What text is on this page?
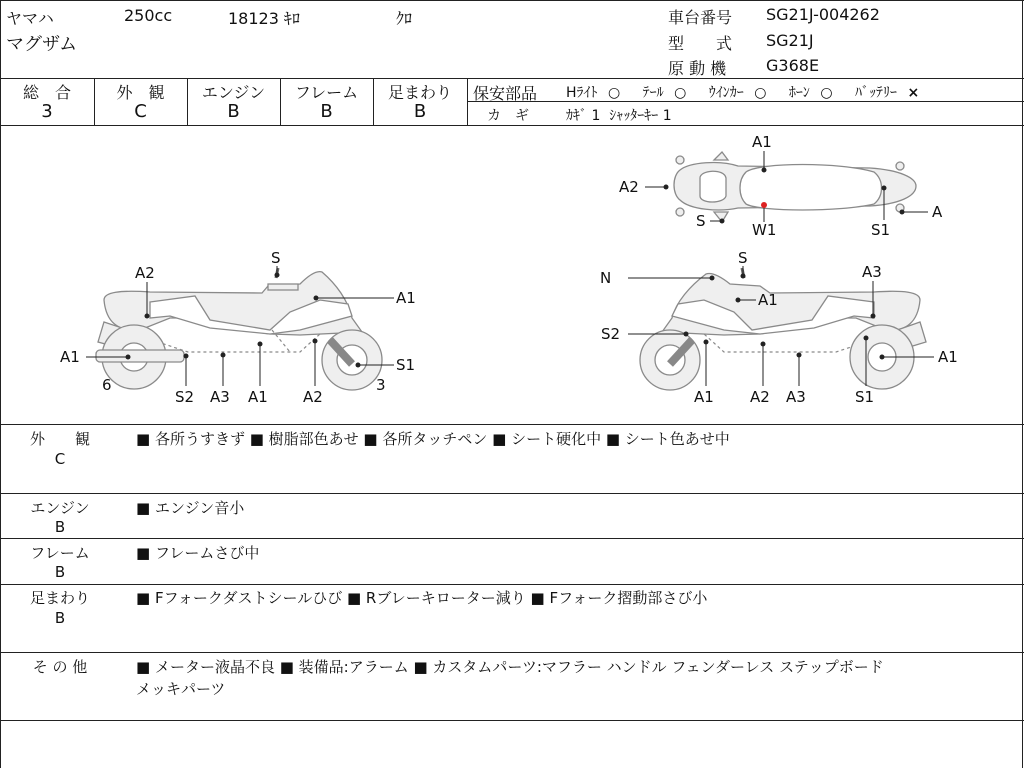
ヤマハ	250cc	18123 ｷﾛ	ｸﾛ
マグザム
車台番号 SG21J-004262
型　　式 SG21J
原 動 機 G368E
総　合
3
外　観
C
エンジン
B
フレーム
B
足まわり
B
保安部品 Hﾗｲﾄ ○ ﾃｰﾙ ○ ｳｲﾝｶｰ ○ ﾎｰﾝ ○ ﾊﾞｯﾃﾘｰ ×
カ　ギ	ｶｷﾞ 1  ｼｬｯﾀｰｷｰ 1
A2
S
A1
A1	S1
6	3
S2 A3 A1 A2
N
S
A3
A1
S2
A1
A1 A2 A3	S1
A1
A2
A
S	W1	S1
外　　観
C
■ 各所うすきず ■ 樹脂部色あせ ■ 各所タッチペン ■ シート硬化中 ■ シート色あせ中
エンジン
B
■ エンジン音小
フレーム
B
■ フレームさび中
足まわり
B
■ Fフォークダストシールひび ■ Rブレーキローター減り ■ Fフォーク摺動部さび小
そ の 他	■ メーター液晶不良 ■ 装備品:アラーム ■ カスタムパーツ:マフラー ハンドル フェンダーレス ステップボード
メッキパーツ
